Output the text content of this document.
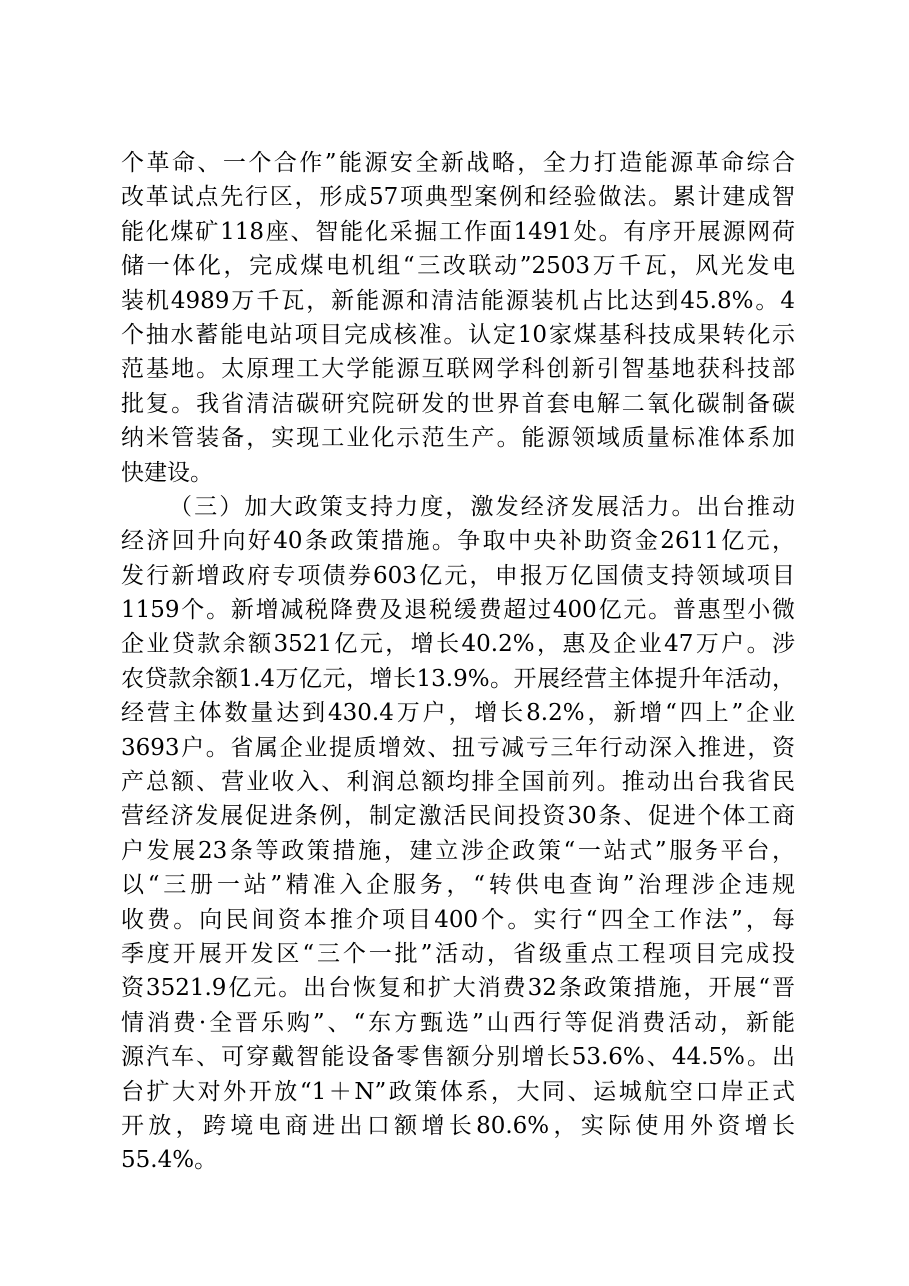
个革命、一个合作”能源安全新战略，全力打造能源革命综合
改革试点先行区，形成57项典型案例和经验做法。累计建成智
能化煤矿118座、智能化采掘工作面1491处。有序开展源网荷
储一体化，完成煤电机组“三改联动”2503万千瓦，风光发电
装机4989万千瓦，新能源和清洁能源装机占比达到45.8%。4
个抽水蓄能电站项目完成核准。认定10家煤基科技成果转化示
范基地。太原理工大学能源互联网学科创新引智基地获科技部
批复。我省清洁碳研究院研发的世界首套电解二氧化碳制备碳
纳米管装备，实现工业化示范生产。能源领域质量标准体系加
快建设。
（三）加大政策支持力度，激发经济发展活力。出台推动
经济回升向好40条政策措施。争取中央补助资金2611亿元，
发行新增政府专项债券603亿元，申报万亿国债支持领域项目
1159个。新增减税降费及退税缓费超过400亿元。普惠型小微
企业贷款余额3521亿元，增长40.2%，惠及企业47万户。涉
农贷款余额1.4万亿元，增长13.9%。开展经营主体提升年活动，
经营主体数量达到430.4万户，增长8.2%，新增“四上”企业
3693户。省属企业提质增效、扭亏减亏三年行动深入推进，资
产总额、营业收入、利润总额均排全国前列。推动出台我省民
营经济发展促进条例，制定激活民间投资30条、促进个体工商
户发展23条等政策措施，建立涉企政策“一站式”服务平台，
以“三册一站”精准入企服务，“转供电查询”治理涉企违规
收费。向民间资本推介项目400个。实行“四全工作法”，每
季度开展开发区“三个一批”活动，省级重点工程项目完成投
资3521.9亿元。出台恢复和扩大消费32条政策措施，开展“晋
情消费·全晋乐购”、“东方甄选”山西行等促消费活动，新能
源汽车、可穿戴智能设备零售额分别增长53.6%、44.5%。出
台扩大对外开放“1＋N”政策体系，大同、运城航空口岸正式
开放，跨境电商进出口额增长80.6%，实际使用外资增长
55.4%。
